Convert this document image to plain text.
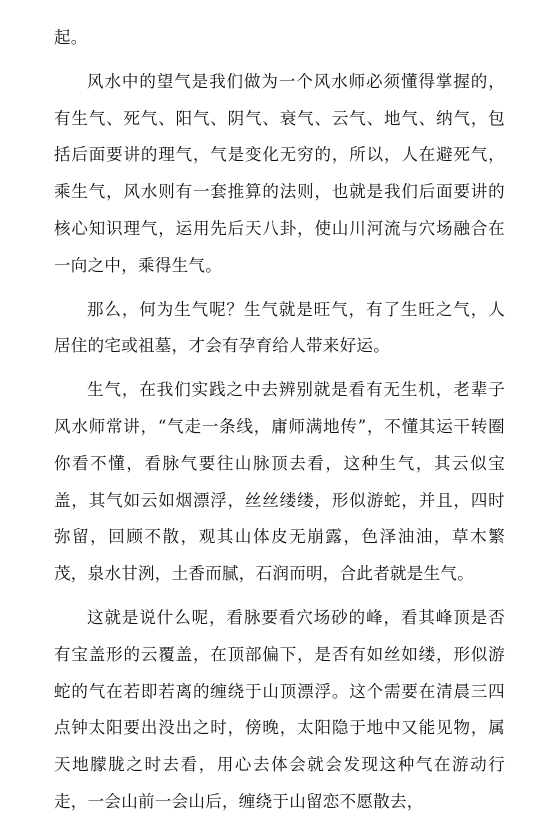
起。

风水中的望气是我们做为一个风水师必须懂得掌握的，有生气、死气、阳气、阴气、衰气、云气、地气、纳气，包括后面要讲的理气，气是变化无穷的，所以，人在避死气，乘生气，风水则有一套推算的法则，也就是我们后面要讲的核心知识理气，运用先后天八卦，使山川河流与穴场融合在一向之中，乘得生气。

那么，何为生气呢？生气就是旺气，有了生旺之气，人居住的宅或祖墓，才会有孕育给人带来好运。

生气，在我们实践之中去辨别就是看有无生机，老辈子风水师常讲，“气走一条线，庸师满地传”，不懂其运干转圈你看不懂，看脉气要往山脉顶去看，这种生气，其云似宝盖，其气如云如烟漂浮，丝丝缕缕，形似游蛇，并且，四时弥留，回顾不散，观其山体皮无崩露，色泽油油，草木繁茂，泉水甘洌，土香而腻，石润而明，合此者就是生气。

这就是说什么呢，看脉要看穴场砂的峰，看其峰顶是否有宝盖形的云覆盖，在顶部偏下，是否有如丝如缕，形似游蛇的气在若即若离的缠绕于山顶漂浮。这个需要在清晨三四点钟太阳要出没出之时，傍晚，太阳隐于地中又能见物，属天地朦胧之时去看，用心去体会就会发现这种气在游动行走，一会山前一会山后，缠绕于山留恋不愿散去，
